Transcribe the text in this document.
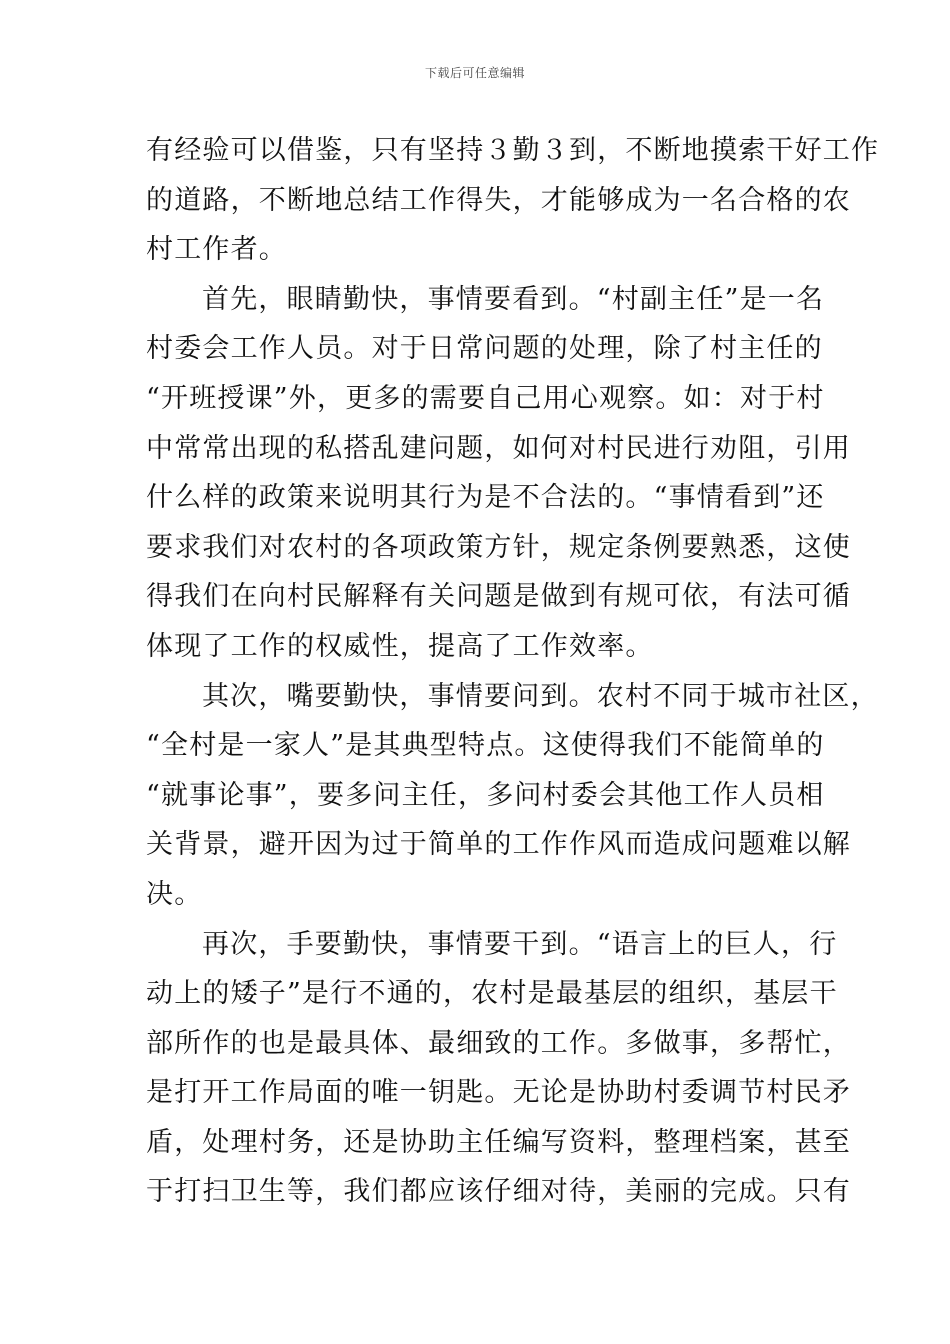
下载后可任意编辑
有经验可以借鉴，只有坚持３勤３到，不断地摸索干好工作
的道路，不断地总结工作得失，才能够成为一名合格的农
村工作者。
首先，眼睛勤快，事情要看到。“村副主任”是一名
村委会工作人员。对于日常问题的处理，除了村主任的
“开班授课”外，更多的需要自己用心观察。如：对于村
中常常出现的私搭乱建问题，如何对村民进行劝阻，引用
什么样的政策来说明其行为是不合法的。“事情看到”还
要求我们对农村的各项政策方针，规定条例要熟悉，这使
得我们在向村民解释有关问题是做到有规可依，有法可循
体现了工作的权威性，提高了工作效率。
其次，嘴要勤快，事情要问到。农村不同于城市社区，
“全村是一家人”是其典型特点。这使得我们不能简单的
“就事论事”，要多问主任，多问村委会其他工作人员相
关背景，避开因为过于简单的工作作风而造成问题难以解
决。
再次，手要勤快，事情要干到。“语言上的巨人，行
动上的矮子”是行不通的，农村是最基层的组织，基层干
部所作的也是最具体、最细致的工作。多做事，多帮忙，
是打开工作局面的唯一钥匙。无论是协助村委调节村民矛
盾，处理村务，还是协助主任编写资料，整理档案，甚至
于打扫卫生等，我们都应该仔细对待，美丽的完成。只有
